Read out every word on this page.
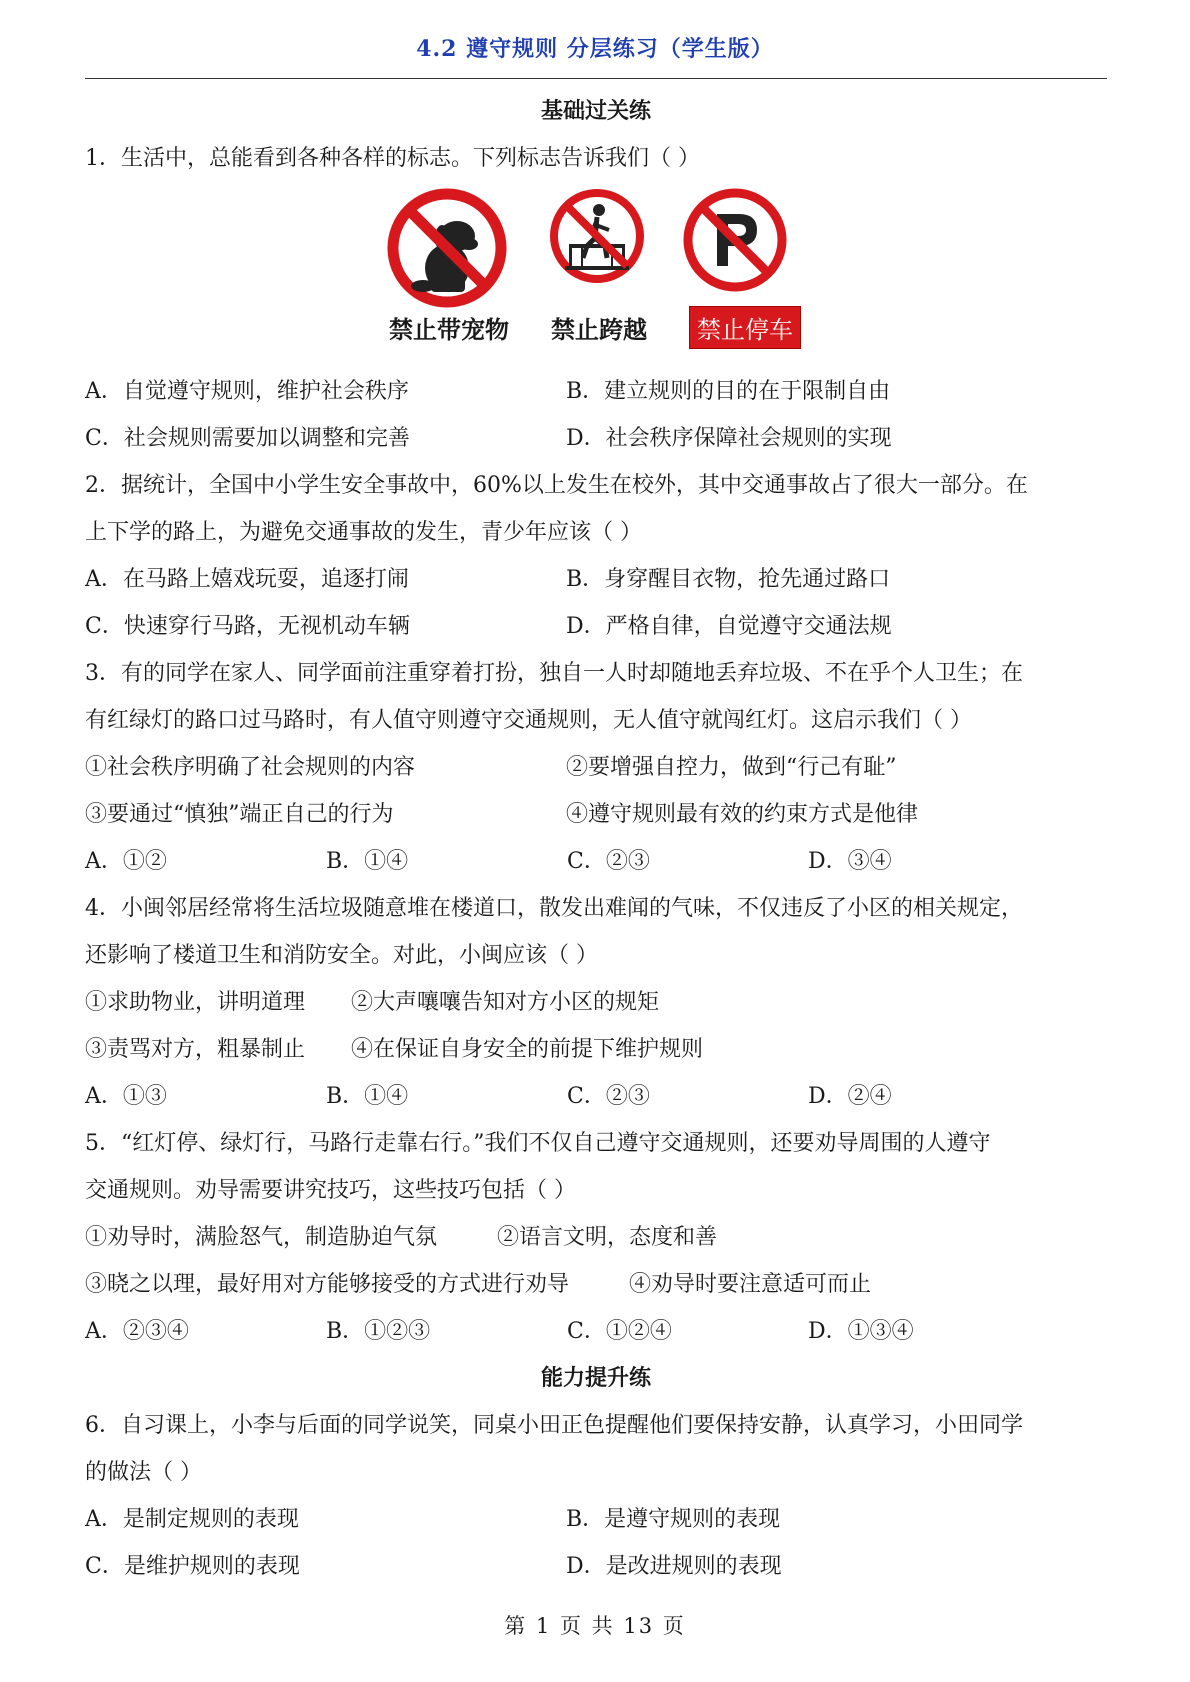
4.2 遵守规则 分层练习（学生版）
基础过关练
1．生活中，总能看到各种各样的标志。下列标志告诉我们（ ）
禁止带宠物 禁止跨越	禁止停车
A．自觉遵守规则，维护社会秩序	B．建立规则的目的在于限制自由
C．社会规则需要加以调整和完善	D．社会秩序保障社会规则的实现
2．据统计，全国中小学生安全事故中，60%以上发生在校外，其中交通事故占了很大一部分。在
上下学的路上，为避免交通事故的发生，青少年应该（ ）
A．在马路上嬉戏玩耍，追逐打闹	B．身穿醒目衣物，抢先通过路口
C．快速穿行马路，无视机动车辆	D．严格自律，自觉遵守交通法规
3．有的同学在家人、同学面前注重穿着打扮，独自一人时却随地丢弃垃圾、不在乎个人卫生；在
有红绿灯的路口过马路时，有人值守则遵守交通规则，无人值守就闯红灯。这启示我们（ ）
①社会秩序明确了社会规则的内容	②要增强自控力，做到“行己有耻”
③要通过“慎独”端正自己的行为	④遵守规则最有效的约束方式是他律
A．①②	B．①④	C．②③	D．③④
4．小闽邻居经常将生活垃圾随意堆在楼道口，散发出难闻的气味，不仅违反了小区的相关规定，
还影响了楼道卫生和消防安全。对此，小闽应该（ ）
①求助物业，讲明道理 ②大声嚷嚷告知对方小区的规矩
③责骂对方，粗暴制止 ④在保证自身安全的前提下维护规则
A．①③	B．①④	C．②③	D．②④
5．“红灯停、绿灯行，马路行走靠右行。”我们不仅自己遵守交通规则，还要劝导周围的人遵守
交通规则。劝导需要讲究技巧，这些技巧包括（ ）
①劝导时，满脸怒气，制造胁迫气氛	②语言文明，态度和善
③晓之以理，最好用对方能够接受的方式进行劝导	④劝导时要注意适可而止
A．②③④	B．①②③	C．①②④	D．①③④
能力提升练
6．自习课上，小李与后面的同学说笑，同桌小田正色提醒他们要保持安静，认真学习，小田同学
的做法（ ）
A．是制定规则的表现	B．是遵守规则的表现
C．是维护规则的表现	D．是改进规则的表现
第 1 页 共 13 页
